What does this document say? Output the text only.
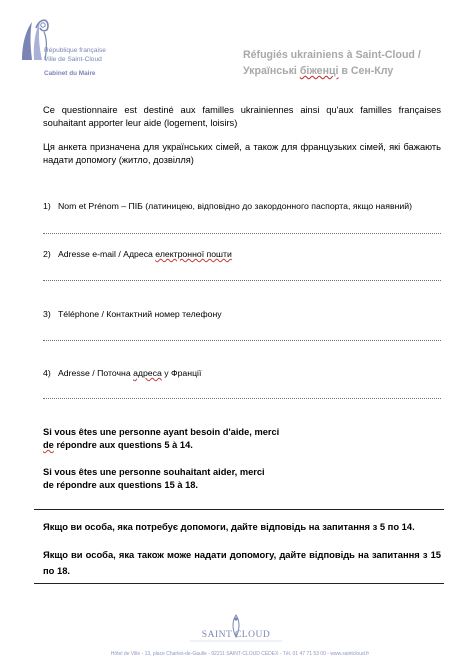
République française
Ville de Saint-Cloud
Cabinet du Maire
Réfugiés ukrainiens à Saint-Cloud /
Українські біженці в Сен-Клу
Ce questionnaire est destiné aux familles ukrainiennes ainsi qu'aux familles françaises souhaitant apporter leur aide (logement, loisirs)
Ця анкета призначена для українських сімей, а також для французьких сімей, які бажають надати допомогу (житло, дозвілля)
1) Nom et Prénom – ПІБ (латиницею, відповідно до закордонного паспорта, якщо наявний)
2) Adresse e-mail / Адреса електронної пошти
3) Téléphone / Контактний номер телефону
4) Adresse / Поточна адреса у Франції
Si vous êtes une personne ayant besoin d'aide, merci
de répondre aux questions 5 à 14.
Si vous êtes une personne souhaitant aider, merci
de répondre aux questions 15 à 18.
Якщо ви особа, яка потребує допомоги, дайте відповідь на запитання з 5 по 14.
Якщо ви особа, яка також може надати допомогу, дайте відповідь на запитання з 15 по 18.
SAINT CLOUD
Hôtel de Ville - 13, place Charles-de-Gaulle - 92211 SAINT-CLOUD CEDEX - Tél. 01 47 71 53 00 - www.saintcloud.fr
